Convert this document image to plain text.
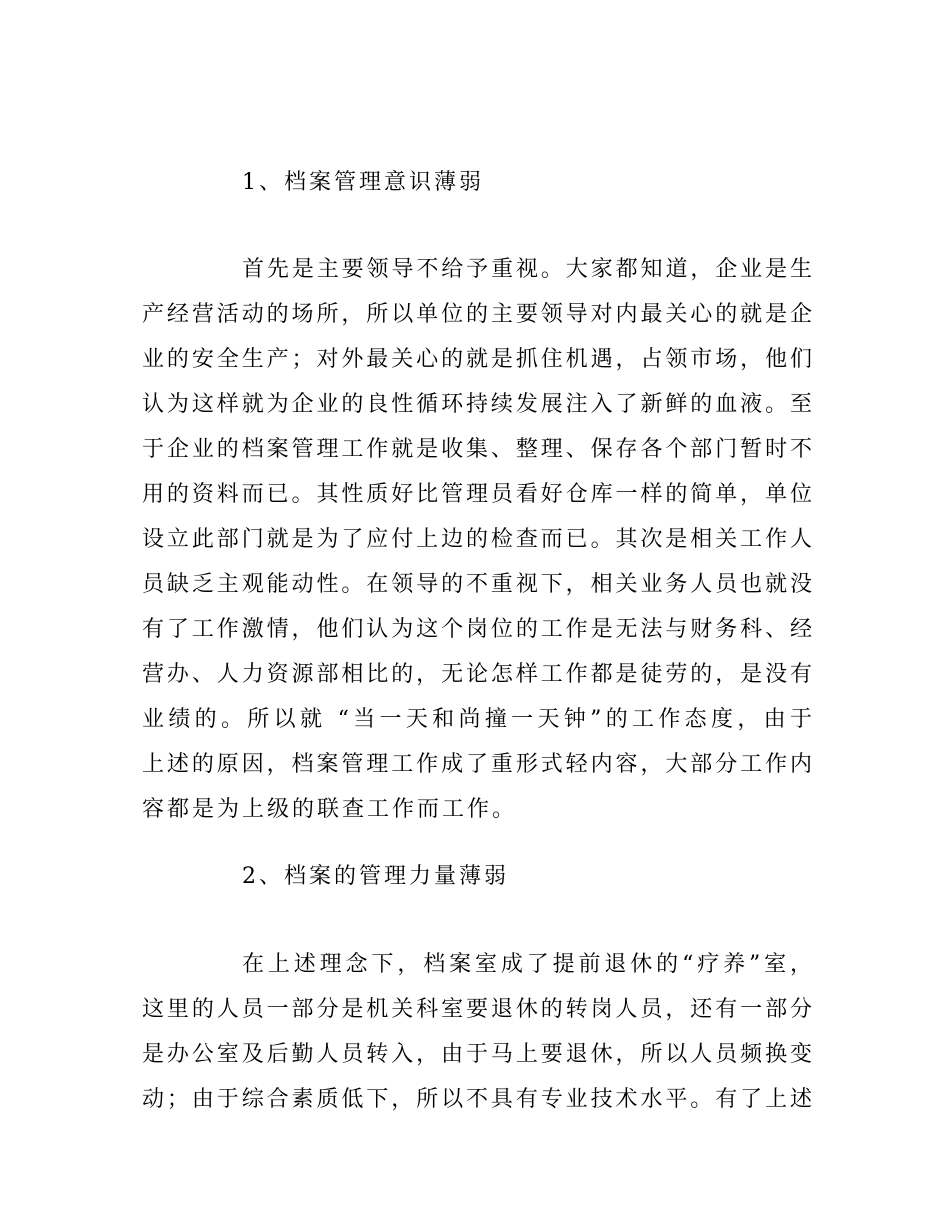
1、档案管理意识薄弱
首先是主要领导不给予重视。大家都知道，企业是生
产经营活动的场所，所以单位的主要领导对内最关心的就是企
业的安全生产；对外最关心的就是抓住机遇，占领市场，他们
认为这样就为企业的良性循环持续发展注入了新鲜的血液。至
于企业的档案管理工作就是收集、整理、保存各个部门暂时不
用的资料而已。其性质好比管理员看好仓库一样的简单，单位
设立此部门就是为了应付上边的检查而已。其次是相关工作人
员缺乏主观能动性。在领导的不重视下，相关业务人员也就没
有了工作激情，他们认为这个岗位的工作是无法与财务科、经
营办、人力资源部相比的，无论怎样工作都是徒劳的，是没有
业绩的。所以就 “当一天和尚撞一天钟”的工作态度，由于
上述的原因，档案管理工作成了重形式轻内容，大部分工作内
容都是为上级的联查工作而工作。
2、档案的管理力量薄弱
在上述理念下，档案室成了提前退休的“疗养”室，
这里的人员一部分是机关科室要退休的转岗人员，还有一部分
是办公室及后勤人员转入，由于马上要退休，所以人员频换变
动；由于综合素质低下，所以不具有专业技术水平。有了上述
